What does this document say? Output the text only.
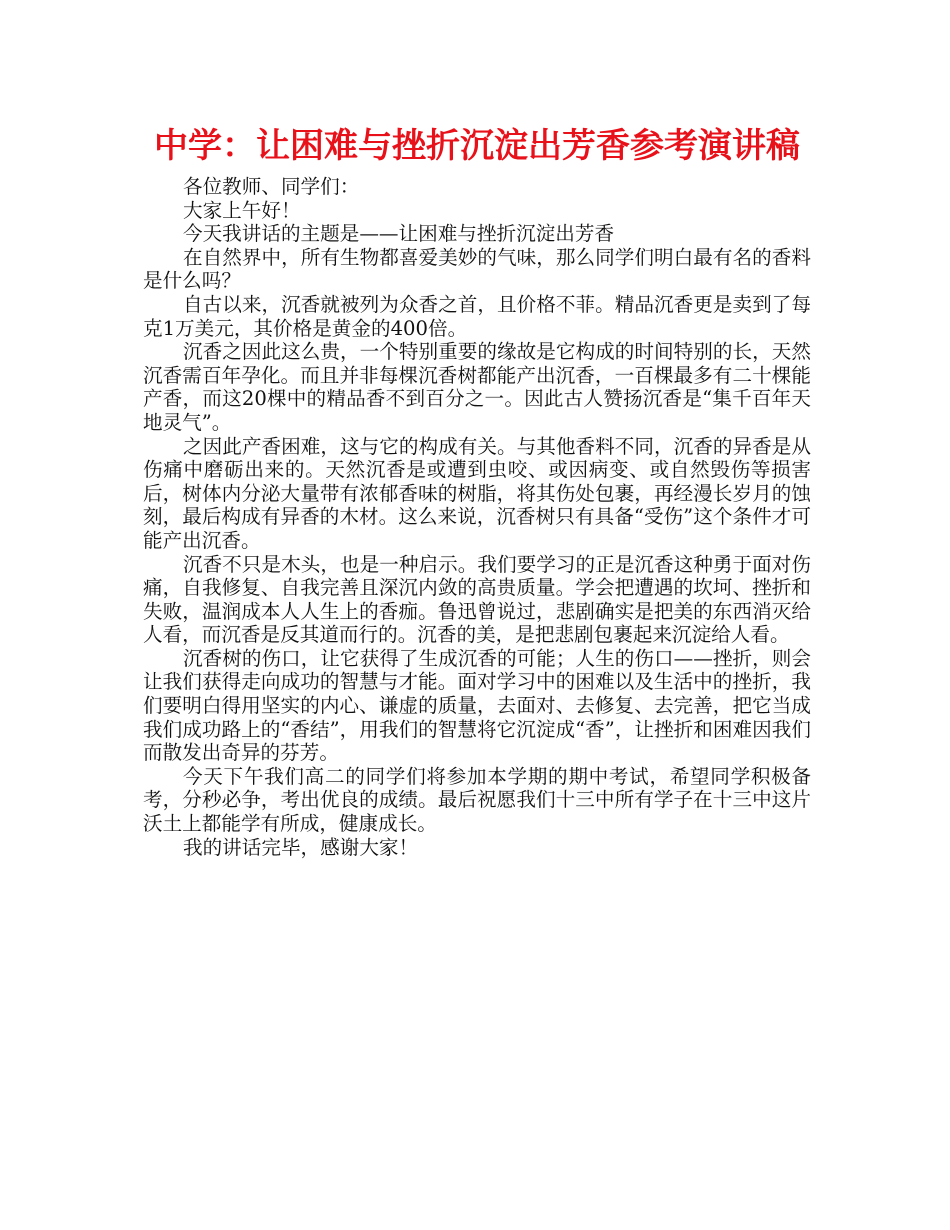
中学：让困难与挫折沉淀出芳香参考演讲稿

各位教师、同学们：

大家上午好！

今天我讲话的主题是——让困难与挫折沉淀出芳香

在自然界中，所有生物都喜爱美妙的气味，那么同学们明白最有名的香料是什么吗？

自古以来，沉香就被列为众香之首，且价格不菲。精品沉香更是卖到了每克1万美元，其价格是黄金的400倍。

沉香之因此这么贵，一个特别重要的缘故是它构成的时间特别的长，天然沉香需百年孕化。而且并非每棵沉香树都能产出沉香，一百棵最多有二十棵能产香，而这20棵中的精品香不到百分之一。因此古人赞扬沉香是“集千百年天地灵气”。

之因此产香困难，这与它的构成有关。与其他香料不同，沉香的异香是从伤痛中磨砺出来的。天然沉香是或遭到虫咬、或因病变、或自然毁伤等损害后，树体内分泌大量带有浓郁香味的树脂，将其伤处包裹，再经漫长岁月的蚀刻，最后构成有异香的木材。这么来说，沉香树只有具备“受伤”这个条件才可能产出沉香。

沉香不只是木头，也是一种启示。我们要学习的正是沉香这种勇于面对伤痛，自我修复、自我完善且深沉内敛的高贵质量。学会把遭遇的坎坷、挫折和失败，温润成本人人生上的香痂。鲁迅曾说过，悲剧确实是把美的东西消灭给人看，而沉香是反其道而行的。沉香的美，是把悲剧包裹起来沉淀给人看。

沉香树的伤口，让它获得了生成沉香的可能；人生的伤口——挫折，则会让我们获得走向成功的智慧与才能。面对学习中的困难以及生活中的挫折，我们要明白得用坚实的内心、谦虚的质量，去面对、去修复、去完善，把它当成我们成功路上的“香结”，用我们的智慧将它沉淀成“香”，让挫折和困难因我们而散发出奇异的芬芳。

今天下午我们高二的同学们将参加本学期的期中考试，希望同学积极备考，分秒必争，考出优良的成绩。最后祝愿我们十三中所有学子在十三中这片沃土上都能学有所成，健康成长。

我的讲话完毕，感谢大家！
